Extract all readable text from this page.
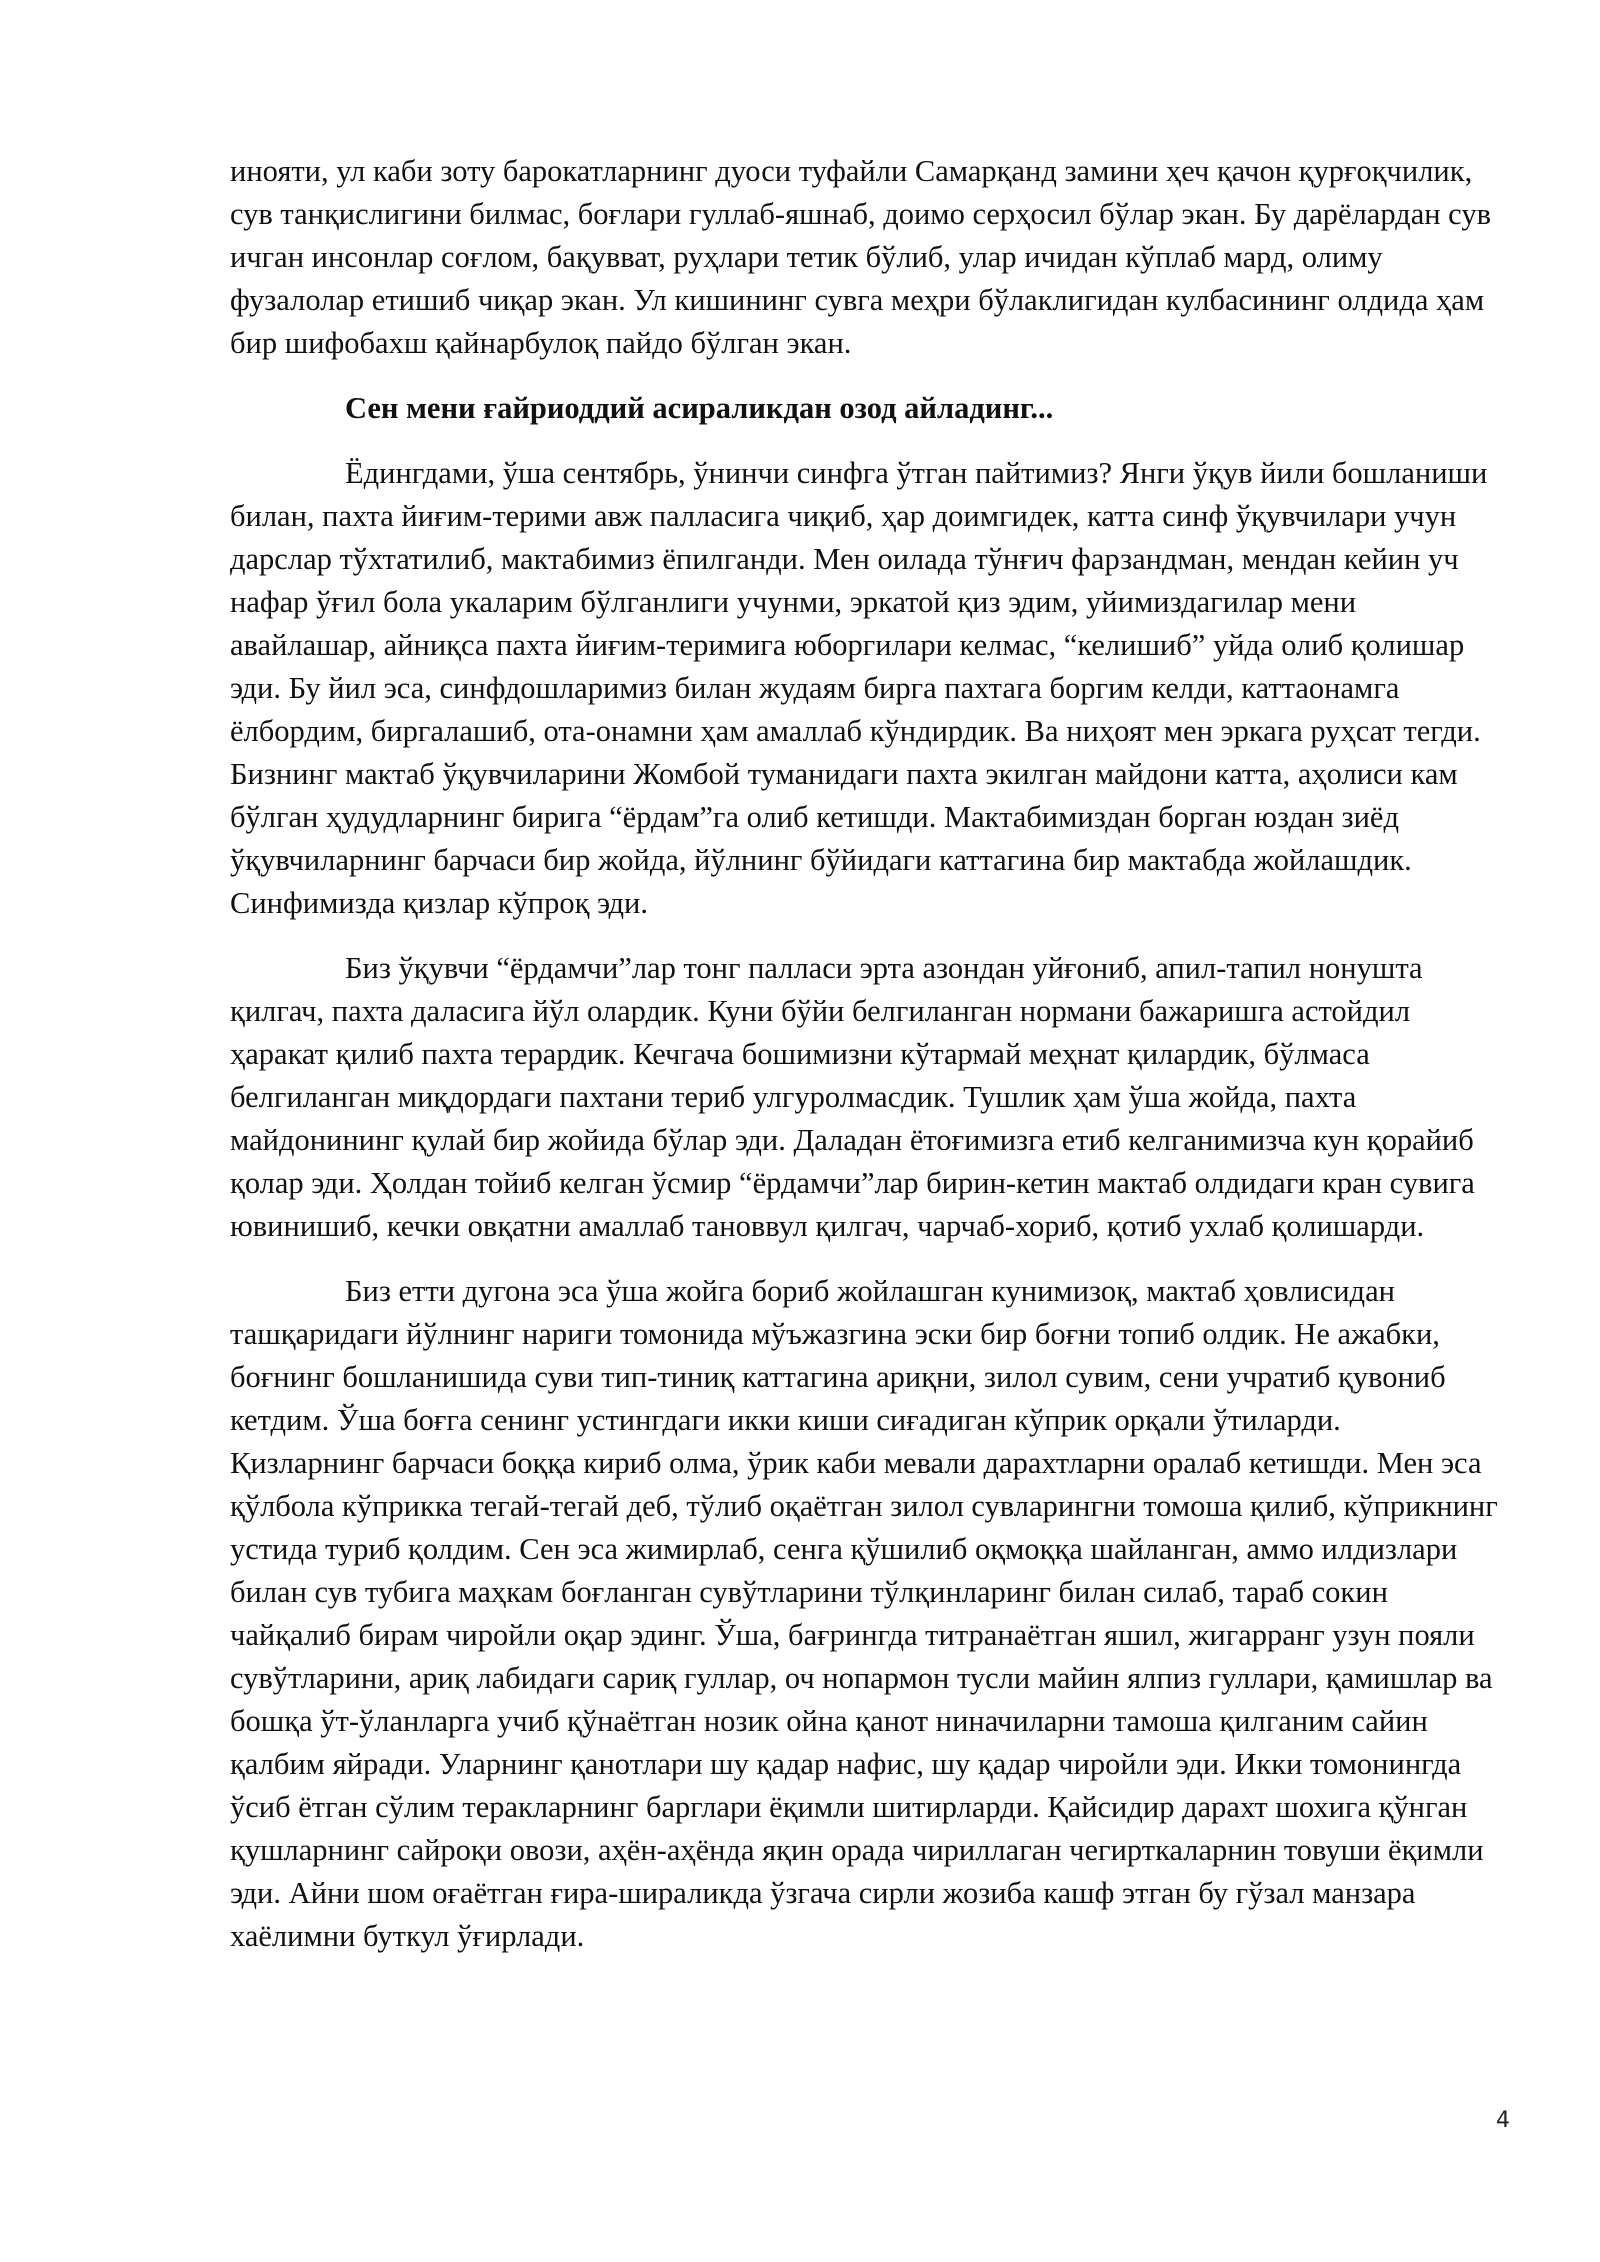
инояти, ул каби зоту барокатларнинг дуоси туфайли Самарқанд замини ҳеч қачон қурғоқчилик, сув танқислигини билмас, боғлари гуллаб-яшнаб, доимо серҳосил бўлар экан. Бу дарёлардан сув ичган инсонлар соғлом, бақувват, руҳлари тетик бўлиб, улар ичидан кўплаб мард, олиму фузалолар етишиб чиқар экан. Ул кишининг сувга меҳри бўлаклигидан кулбасининг олдида ҳам бир шифобахш қайнарбулоқ пайдо бўлган экан.

Сен мени ғайриоддий асираликдан озод айладинг...

Ёдингдами, ўша сентябрь, ўнинчи синфга ўтган пайтимиз? Янги ўқув йили бошланиши билан, пахта йиғим-терими авж палласига чиқиб, ҳар доимгидек, катта синф ўқувчилари учун дарслар тўхтатилиб, мактабимиз ёпилганди. Мен оилада тўнғич фарзандман, мендан кейин уч нафар ўғил бола укаларим бўлганлиги учунми, эркатой қиз эдим, уйимиздагилар мени авайлашар, айниқса пахта йиғим-теримига юборгилари келмас, “келишиб” уйда олиб қолишар эди. Бу йил эса, синфдошларимиз билан жудаям бирга пахтага боргим келди, каттаонамга ёлбордим, биргалашиб, ота-онамни ҳам амаллаб кўндирдик. Ва ниҳоят мен эркага руҳсат тегди. Бизнинг мактаб ўқувчиларини Жомбой туманидаги пахта экилган майдони катта, аҳолиси кам бўлган ҳудудларнинг бирига “ёрдам”га олиб кетишди. Мактабимиздан борган юздан зиёд ўқувчиларнинг барчаси бир жойда, йўлнинг бўйидаги каттагина бир мактабда жойлашдик. Синфимизда қизлар кўпроқ эди.

Биз ўқувчи “ёрдамчи”лар тонг палласи эрта азондан уйғониб, апил-тапил нонушта қилгач, пахта даласига йўл олардик. Куни бўйи белгиланган нормани бажаришга астойдил ҳаракат қилиб пахта терардик. Кечгача бошимизни кўтармай меҳнат қилардик, бўлмаса белгиланган миқдордаги пахтани териб улгуролмасдик. Тушлик ҳам ўша жойда, пахта майдонининг қулай бир жойида бўлар эди. Даладан ётоғимизга етиб келганимизча кун қорайиб қолар эди. Ҳолдан тойиб келган ўсмир “ёрдамчи”лар бирин-кетин мактаб олдидаги кран сувига ювинишиб, кечки овқатни амаллаб тановвул қилгач, чарчаб-хориб, қотиб ухлаб қолишарди.

Биз етти дугона эса ўша жойга бориб жойлашган кунимизоқ, мактаб ҳовлисидан ташқаридаги йўлнинг нариги томонида мўъжазгина эски бир боғни топиб олдик. Не ажабки, боғнинг бошланишида суви тип-тиниқ каттагина ариқни, зилол сувим, сени учратиб қувониб кетдим. Ўша боғга сенинг устингдаги икки киши сиғадиган кўприк орқали ўтиларди. Қизларнинг барчаси боққа кириб олма, ўрик каби мевали дарахтларни оралаб кетишди. Мен эса қўлбола кўприкка тегай-тегай деб, тўлиб оқаётган зилол сувларингни томоша қилиб, кўприкнинг устида туриб қолдим. Сен эса жимирлаб, сенга қўшилиб оқмоққа шайланган, аммо илдизлари билан сув тубига маҳкам боғланган сувўтларини тўлқинларинг билан силаб, тараб сокин чайқалиб бирам чиройли оқар эдинг. Ўша, бағрингда титранаётган яшил, жигарранг узун пояли сувўтларини, ариқ лабидаги сариқ гуллар, оч нопармон тусли майин ялпиз гуллари, қамишлар ва бошқа ўт-ўланларга учиб қўнаётган нозик ойна қанот ниначиларни тамоша қилганим сайин қалбим яйради. Уларнинг қанотлари шу қадар нафис, шу қадар чиройли эди. Икки томонингда ўсиб ётган сўлим теракларнинг барглари ёқимли шитирларди. Қайсидир дарахт шохига қўнган қушларнинг сайроқи овози, аҳён-аҳёнда яқин орада чириллаган чегирткаларнин товуши ёқимли эди. Айни шом оғаётган ғира-шираликда ўзгача сирли жозиба кашф этган бу гўзал манзара хаёлимни буткул ўғирлади.

4
